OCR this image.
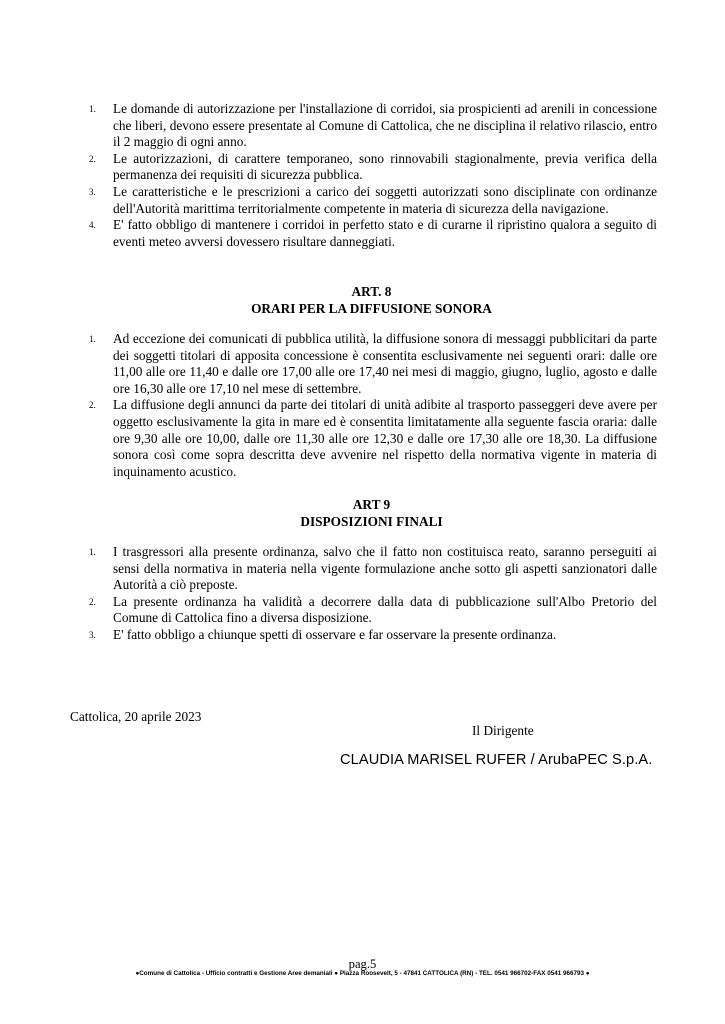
1. Le domande di autorizzazione per l'installazione di corridoi, sia prospicienti ad arenili in concessione che liberi, devono essere presentate al Comune di Cattolica, che ne disciplina il relativo rilascio, entro il 2 maggio di ogni anno.
2. Le autorizzazioni, di carattere temporaneo, sono rinnovabili stagionalmente, previa verifica della permanenza dei requisiti di sicurezza pubblica.
3. Le caratteristiche e le prescrizioni a carico dei soggetti autorizzati sono disciplinate con ordinanze dell'Autorità marittima territorialmente competente in materia di sicurezza della navigazione.
4. E' fatto obbligo di mantenere i corridoi in perfetto stato e di curarne il ripristino qualora a seguito di eventi meteo avversi dovessero risultare danneggiati.
ART. 8
ORARI PER LA DIFFUSIONE SONORA
1. Ad eccezione dei comunicati di pubblica utilità, la diffusione sonora di messaggi pubblicitari da parte dei soggetti titolari di apposita concessione è consentita esclusivamente nei seguenti orari: dalle ore 11,00 alle ore 11,40 e dalle ore 17,00 alle ore 17,40 nei mesi di maggio, giugno, luglio, agosto e dalle ore 16,30 alle ore 17,10 nel mese di settembre.
2. La diffusione degli annunci da parte dei titolari di unità adibite al trasporto passeggeri deve avere per oggetto esclusivamente la gita in mare ed è consentita limitatamente alla seguente fascia oraria: dalle ore 9,30 alle ore 10,00, dalle ore 11,30 alle ore 12,30 e dalle ore 17,30 alle ore 18,30. La diffusione sonora così come sopra descritta deve avvenire nel rispetto della normativa vigente in materia di inquinamento acustico.
ART 9
DISPOSIZIONI FINALI
1. I trasgressori alla presente ordinanza, salvo che il fatto non costituisca reato, saranno perseguiti ai sensi della normativa in materia nella vigente formulazione anche sotto gli aspetti sanzionatori dalle Autorità a ciò preposte.
2. La presente ordinanza ha validità a decorrere dalla data di pubblicazione sull'Albo Pretorio del Comune di Cattolica fino a diversa disposizione.
3. E' fatto obbligo a chiunque spetti di osservare e far osservare la presente ordinanza.
Cattolica, 20 aprile 2023
Il Dirigente
CLAUDIA MARISEL RUFER / ArubaPEC S.p.A.
pag.5
●Comune di Cattolica - Ufficio contratti e Gestione Aree demaniali ● Piazza Roosevelt, 5 - 47841 CATTOLICA (RN) - TEL. 0541 966702-FAX 0541 966793 ●
